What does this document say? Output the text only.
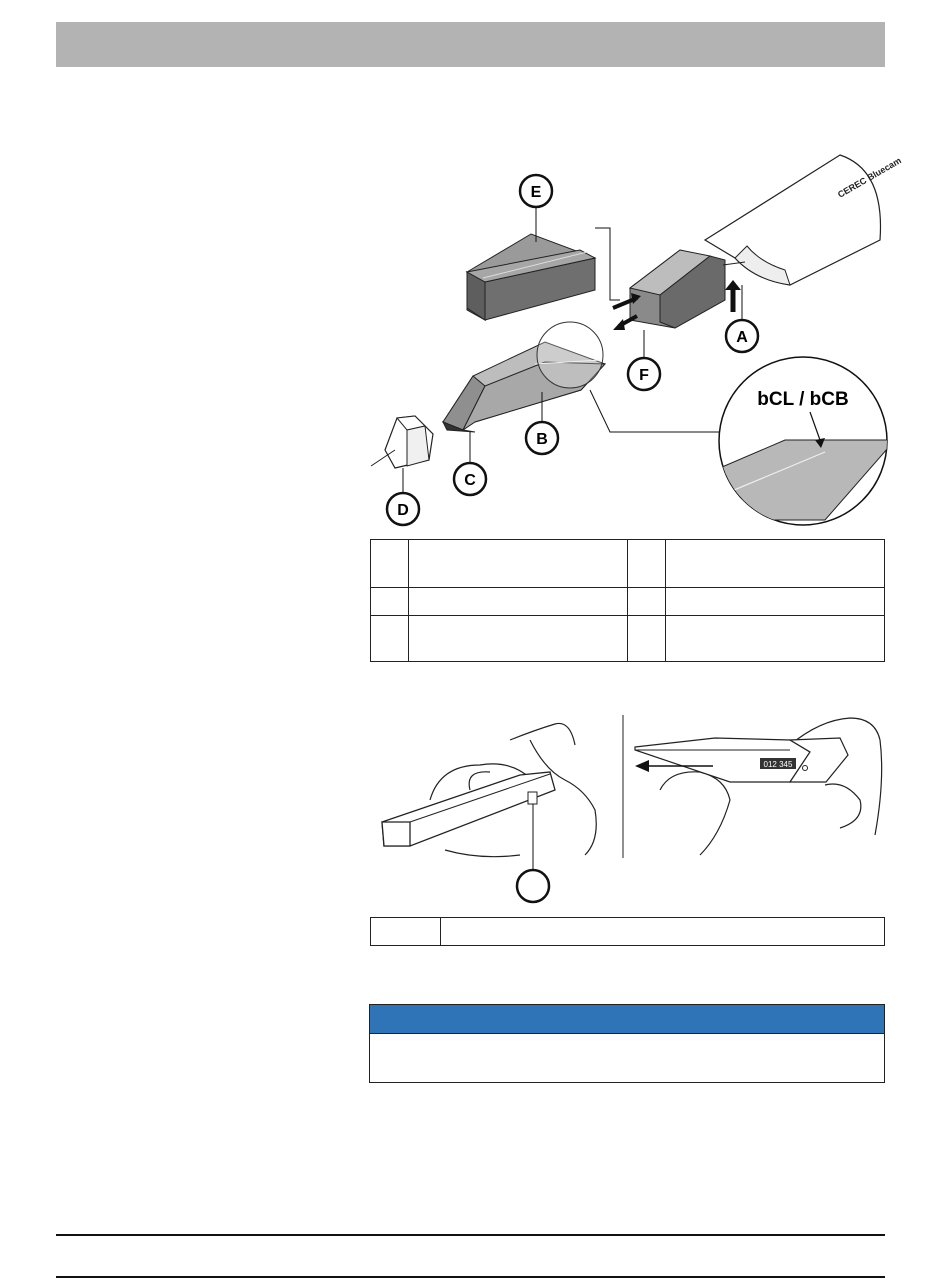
CEREC Bluecam
E
A
F
B
C
D
bCL / bCB

012 345
